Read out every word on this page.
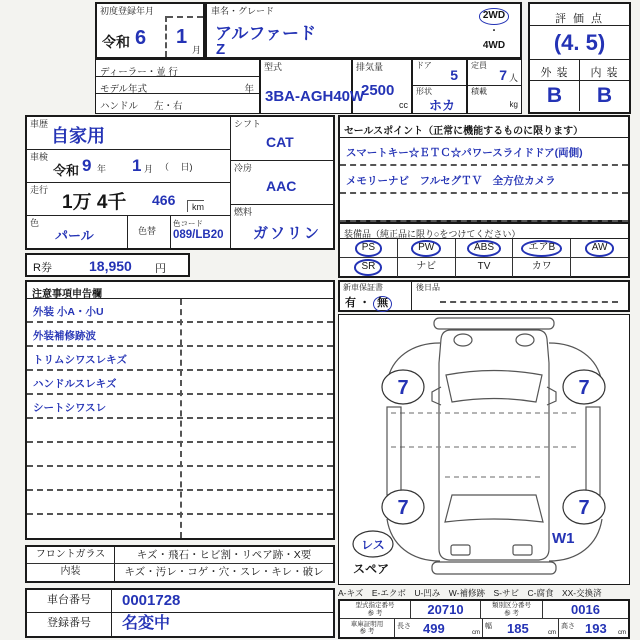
初度登録年月
令和 6 1
月
車名・グレード
アルファード
Z
2WD
・
4WD
ディーラー・並 行
モデル年式	年
ハンドル 左・右
型式
3BA-AGH40W
排気量
2500
cc
ドア
5
形状
ホカ
定員
7 人
積載
kg
評 価 点
(4. 5)
外 装	内 装
B	B
車歴
自家用
車検
令和 9 年 1 月 （　 日)
走行
1万 4千 466	km
色
パール	色替
色コード
089/LB20
シフト
CAT
冷房
AAC
燃料
ガソリン
R券	18,950 円
セールスポイント（正常に機能するものに限ります）
スマートキー☆ＥＴＣ☆パワースライドドア(両側)
メモリーナビ　フルセグＴＶ　全方位カメラ
装備品（純正品に限り○をつけてください）
PS	PW	ABS	エアB	AW
SR	ナビ	TV	カワ
新車保証書
有 ・ 無
後日品
注意事項申告欄
外装 小A・小U
外装補修跡波
トリムシワスレキズ
ハンドルスレキズ
シートシワスレ
7	7
7	7
W1
レス
スペア
A-キズ　E-エクボ　U-凹み　W-補修跡　S-サビ　C-腐食　XX-交換済
型式指定番号
参 考	20710	類別区分番号
参 考	0016
車庫証明用
参 考
長さ 499	cm
幅 185	cm
高さ 193 cm
フロントガラス	キズ・飛石・ヒビ割・リペア跡・X要
内装	キズ・汚レ・コゲ・穴・スレ・キレ・破レ
車台番号	0001728
登録番号	名変中
